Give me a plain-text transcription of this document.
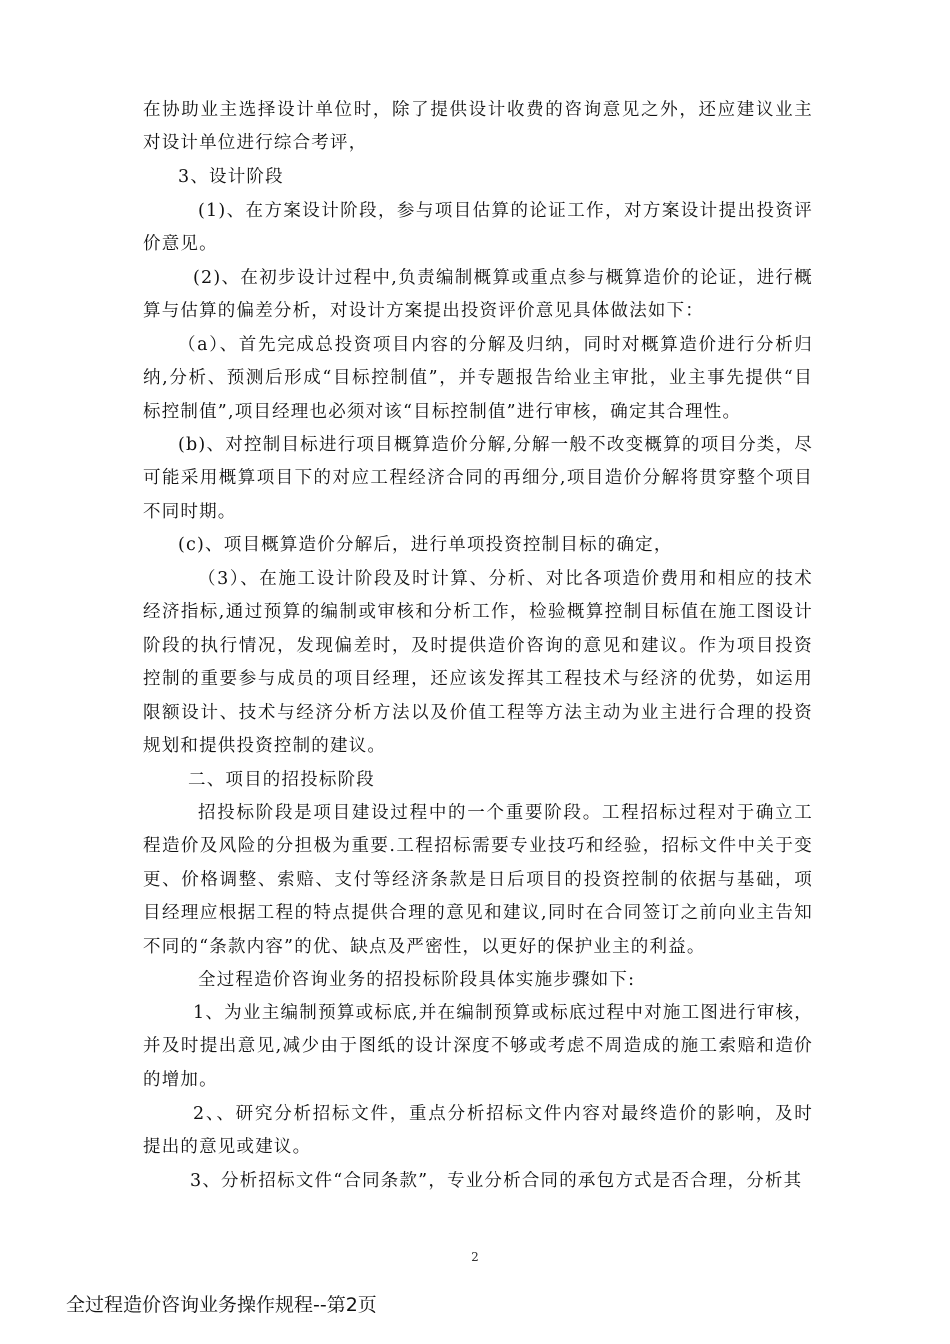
在协助业主选择设计单位时，除了提供设计收费的咨询意见之外，还应建议业主对设计单位进行综合考评，

3、设计阶段

(1)、在方案设计阶段，参与项目估算的论证工作，对方案设计提出投资评价意见。

(2)、在初步设计过程中,负责编制概算或重点参与概算造价的论证，进行概算与估算的偏差分析，对设计方案提出投资评价意见具体做法如下：

（a）、首先完成总投资项目内容的分解及归纳，同时对概算造价进行分析归纳,分析、预测后形成“目标控制值”，并专题报告给业主审批，业主事先提供“目标控制值”,项目经理也必须对该“目标控制值”进行审核，确定其合理性。

(b)、对控制目标进行项目概算造价分解,分解一般不改变概算的项目分类，尽可能采用概算项目下的对应工程经济合同的再细分,项目造价分解将贯穿整个项目不同时期。

(c)、项目概算造价分解后，进行单项投资控制目标的确定，

（3）、在施工设计阶段及时计算、分析、对比各项造价费用和相应的技术经济指标,通过预算的编制或审核和分析工作，检验概算控制目标值在施工图设计阶段的执行情况，发现偏差时，及时提供造价咨询的意见和建议。作为项目投资控制的重要参与成员的项目经理，还应该发挥其工程技术与经济的优势，如运用限额设计、技术与经济分析方法以及价值工程等方法主动为业主进行合理的投资规划和提供投资控制的建议。

二、项目的招投标阶段

招投标阶段是项目建设过程中的一个重要阶段。工程招标过程对于确立工程造价及风险的分担极为重要.工程招标需要专业技巧和经验，招标文件中关于变更、价格调整、索赔、支付等经济条款是日后项目的投资控制的依据与基础，项目经理应根据工程的特点提供合理的意见和建议,同时在合同签订之前向业主告知不同的“条款内容”的优、缺点及严密性，以更好的保护业主的利益。

全过程造价咨询业务的招投标阶段具体实施步骤如下:

1、为业主编制预算或标底,并在编制预算或标底过程中对施工图进行审核，并及时提出意见,减少由于图纸的设计深度不够或考虑不周造成的施工索赔和造价的增加。

2、、研究分析招标文件，重点分析招标文件内容对最终造价的影响，及时提出的意见或建议。

3、分析招标文件“合同条款”，专业分析合同的承包方式是否合理，分析其

2
全过程造价咨询业务操作规程--第2页
